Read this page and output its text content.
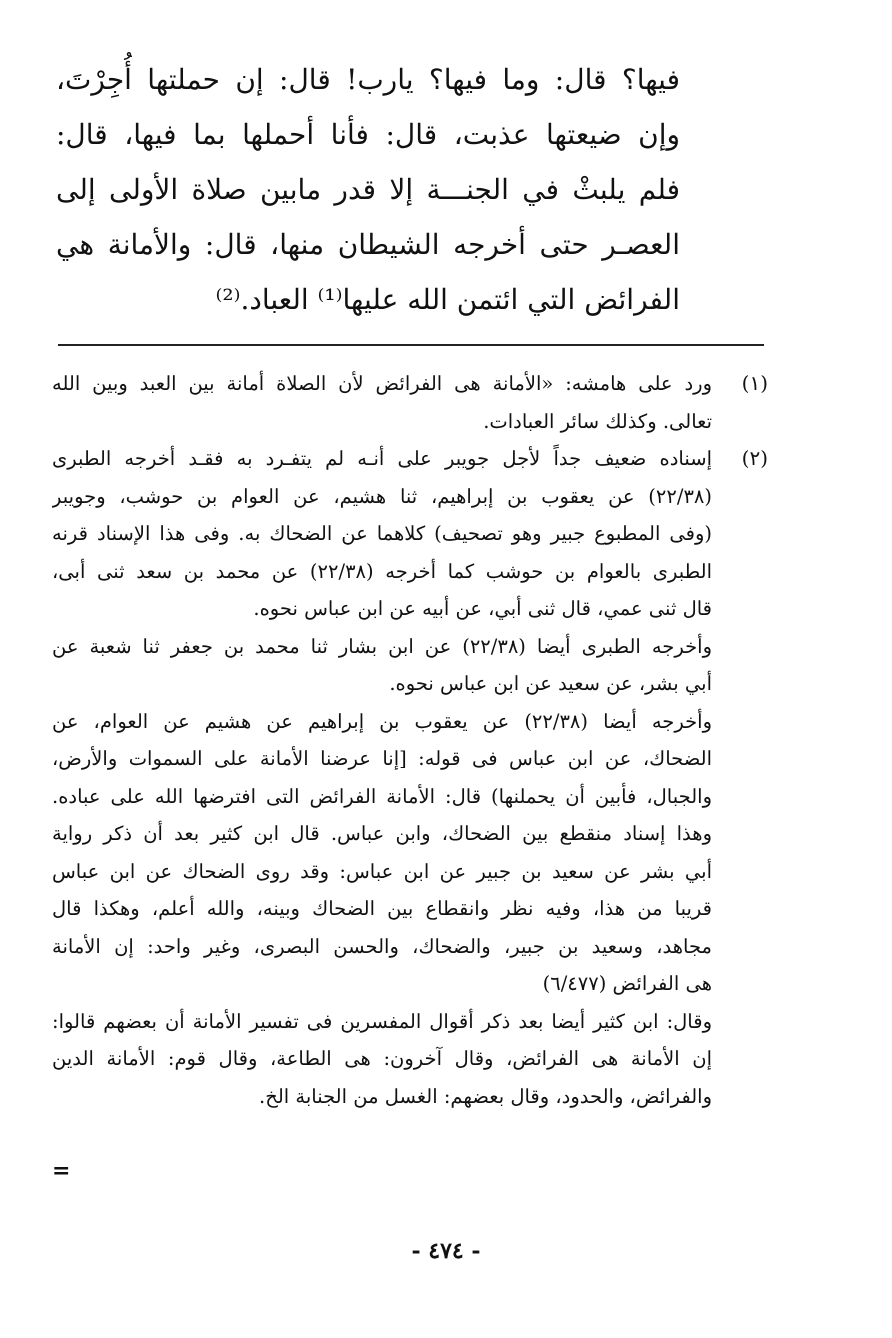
فيها؟ قال: وما فيها؟ يارب! قال: إن حملتها أُجِرْتَ،
وإن ضيعتها عذبت، قال: فأنا أحملها بما فيها، قال:
فلم يلبثْ في الجنـــة إلا قدر مابين صلاة الأولى إلى
العصـر حتى أخرجه الشيطان منها، قال: والأمانة هي
الفرائض التي ائتمن الله عليها⁽¹⁾ العباد.⁽²⁾
(١)
ورد على هامشه: «الأمانة هى الفرائض لأن الصلاة أمانة بين العبد وبين الله
تعالى. وكذلك سائر العبادات.
(٢)
إسناده ضعيف جداً لأجل جويبر على أنـه لم يتفـرد به فقـد أخرجه الطبرى
(٢٢/٣٨) عن يعقوب بن إبراهيم، ثنا هشيم، عن العوام بن حوشب، وجويبر
(وفى المطبوع جبير وهو تصحيف) كلاهما عن الضحاك به. وفى هذا الإسناد قرنه
الطبرى بالعوام بن حوشب كما أخرجه (٢٢/٣٨) عن محمد بن سعد ثنى أبى،
قال ثنى عمي، قال ثنى أبي، عن أبيه عن ابن عباس نحوه.
وأخرجه الطبرى أيضا (٢٢/٣٨) عن ابن بشار ثنا محمد بن جعفر ثنا شعبة عن
أبي بشر، عن سعيد عن ابن عباس نحوه.
وأخرجه أيضا (٢٢/٣٨) عن يعقوب بن إبراهيم عن هشيم عن العوام، عن
الضحاك، عن ابن عباس فى قوله: [إنا عرضنا الأمانة على السموات والأرض،
والجبال، فأبين أن يحملنها) قال: الأمانة الفرائض التى افترضها الله على عباده.
وهذا إسناد منقطع بين الضحاك، وابن عباس. قال ابن كثير بعد أن ذكر رواية
أبي بشر عن سعيد بن جبير عن ابن عباس: وقد روى الضحاك عن ابن عباس
قريبا من هذا، وفيه نظر وانقطاع بين الضحاك وبينه، والله أعلم، وهكذا قال
مجاهد، وسعيد بن جبير، والضحاك، والحسن البصرى، وغير واحد: إن الأمانة
هى الفرائض (٦/٤٧٧)
وقال: ابن كثير أيضا بعد ذكر أقوال المفسرين فى تفسير الأمانة أن بعضهم قالوا:
إن الأمانة هى الفرائض، وقال آخرون: هى الطاعة، وقال قوم: الأمانة الدين
والفرائض، والحدود، وقال بعضهم: الغسل من الجنابة الخ.
=
- ٤٧٤ -
